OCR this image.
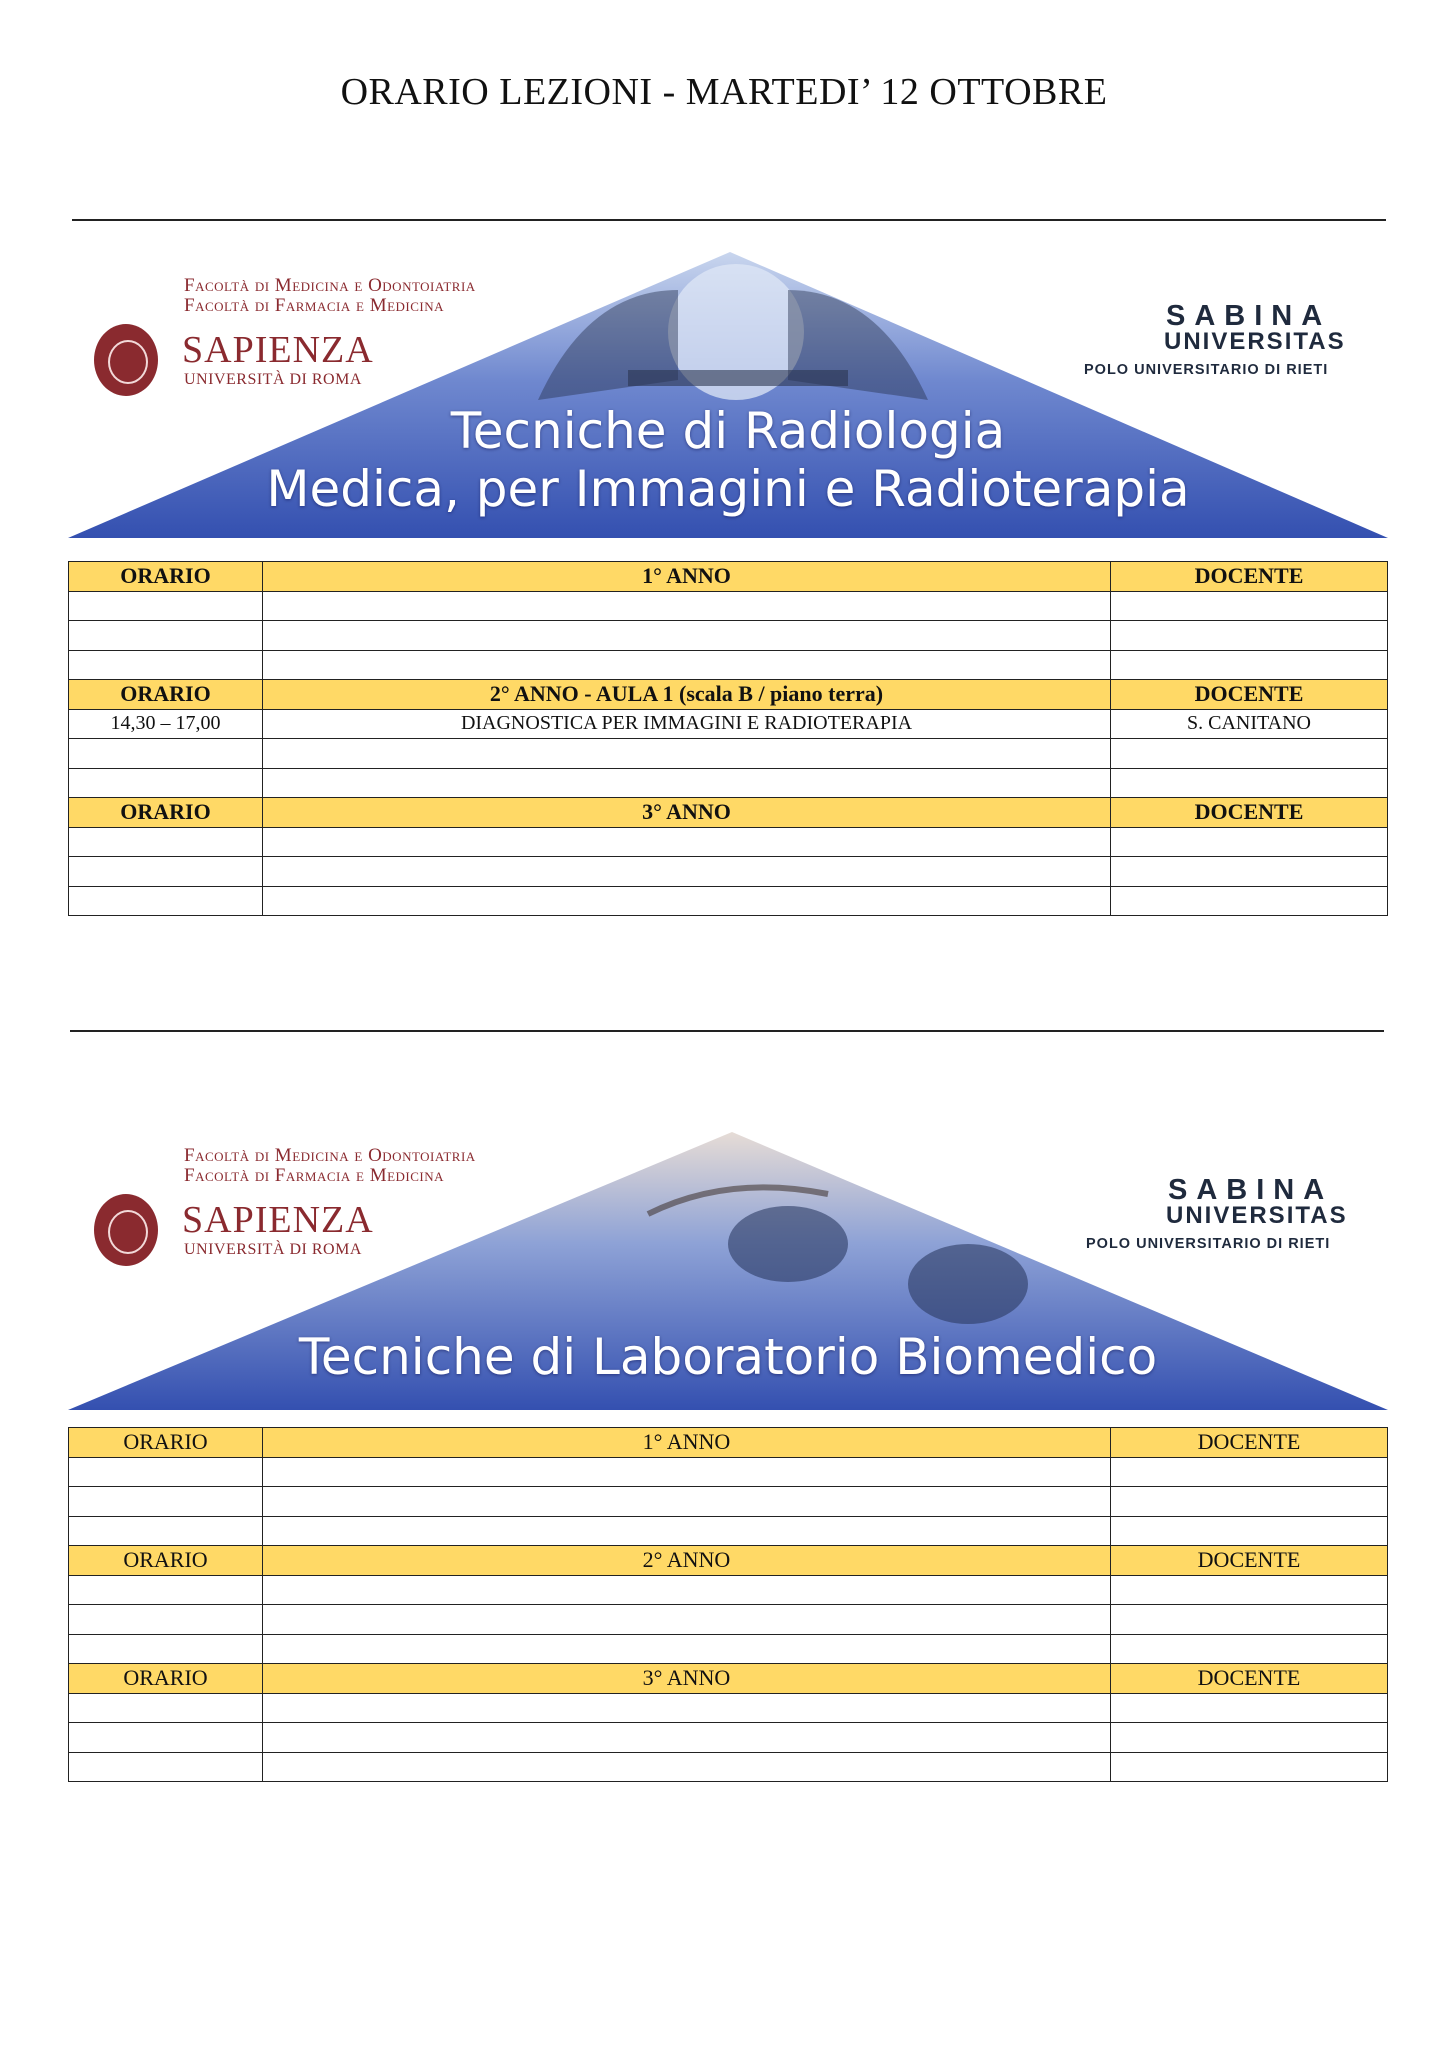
ORARIO LEZIONI - MARTEDI’ 12 OTTOBRE
Facoltà di Medicina e Odontoiatria
Facoltà di Farmacia e Medicina
SAPIENZA
UNIVERSITÀ DI ROMA
SABINA
UNIVERSITAS
POLO UNIVERSITARIO DI RIETI
Tecniche di Radiologia
Medica, per Immagini e Radioterapia
ORARIO	1° ANNO	DOCENTE

ORARIO	2° ANNO - AULA 1 (scala B / piano terra)	DOCENTE
14,30 – 17,00	DIAGNOSTICA PER IMMAGINI E RADIOTERAPIA	S. CANITANO

ORARIO	3° ANNO	DOCENTE

Facoltà di Medicina e Odontoiatria
Facoltà di Farmacia e Medicina
SAPIENZA
UNIVERSITÀ DI ROMA
SABINA
UNIVERSITAS
POLO UNIVERSITARIO DI RIETI
Tecniche di Laboratorio Biomedico
ORARIO	1° ANNO	DOCENTE

ORARIO	2° ANNO	DOCENTE

ORARIO	3° ANNO	DOCENTE
